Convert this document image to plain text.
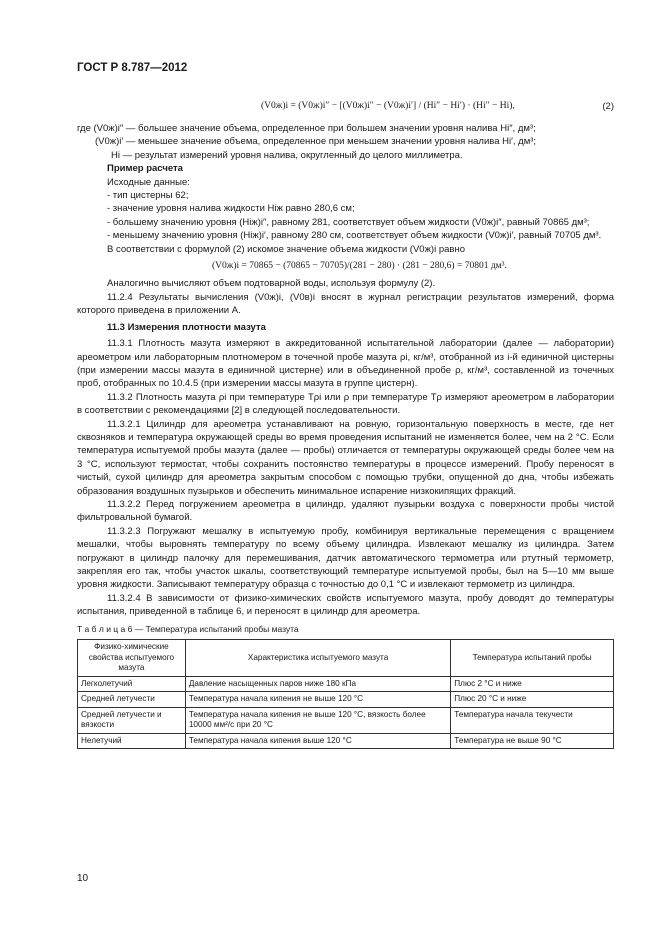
ГОСТ Р 8.787—2012
(V0ж)i = (V0ж)i″ − [(V0ж)i″ − (V0ж)i′] / (Hi″ − Hi′) · (Hi″ − Hi),	(2)

где (V0ж)i″ — большее значение объема, определенное при большем значении уровня налива Hi″, дм³;

(V0ж)i′ — меньшее значение объема, определенное при меньшем значении уровня налива Hi′, дм³;

Hi — результат измерений уровня налива, округленный до целого миллиметра.

Пример расчета

Исходные данные:

- тип цистерны 62;

- значение уровня налива жидкости Hiж равно 280,6 см;

- большему значению уровня (Hiж)i″, равному 281, соответствует объем жидкости (V0ж)i″, равный 70865 дм³;

- меньшему значению уровня (Hiж)i′, равному 280 см, соответствует объем жидкости (V0ж)i′, равный 70705 дм³.

В соответствии с формулой (2) искомое значение объема жидкости (V0ж)i равно

(V0ж)i = 70865 − (70865 − 70705)/(281 − 280) · (281 − 280,6) = 70801 дм³.

Аналогично вычисляют объем подтоварной воды, используя формулу (2).

11.2.4 Результаты вычисления (V0ж)i, (V0в)i вносят в журнал регистрации результатов измерений, форма которого приведена в приложении А.

11.3 Измерения плотности мазута

11.3.1 Плотность мазута измеряют в аккредитованной испытательной лаборатории (далее — лаборатории) ареометром или лабораторным плотномером в точечной пробе мазута ρi, кг/м³, отобранной из i-й единичной цистерны (при измерении массы мазута в единичной цистерне) или в объединенной пробе ρ, кг/м³, составленной из точечных проб, отобранных по 10.4.5 (при измерении массы мазута в группе цистерн).

11.3.2 Плотность мазута ρi при температуре Tρi или ρ при температуре Tρ измеряют ареометром в лаборатории в соответствии с рекомендациями [2] в следующей последовательности.

11.3.2.1 Цилиндр для ареометра устанавливают на ровную, горизонтальную поверхность в месте, где нет сквозняков и температура окружающей среды во время проведения испытаний не изменяется более, чем на 2 °С. Если температура испытуемой пробы мазута (далее — пробы) отличается от температуры окружающей среды более чем на 3 °С, используют термостат, чтобы сохранить постоянство температуры в процессе измерений. Пробу переносят в чистый, сухой цилиндр для ареометра закрытым способом с помощью трубки, опущенной до дна, чтобы избежать образования воздушных пузырьков и обеспечить минимальное испарение низкокипящих фракций.

11.3.2.2 Перед погружением ареометра в цилиндр, удаляют пузырьки воздуха с поверхности пробы чистой фильтровальной бумагой.

11.3.2.3 Погружают мешалку в испытуемую пробу, комбинируя вертикальные перемещения с вращением мешалки, чтобы выровнять температуру по всему объему цилиндра. Извлекают мешалку из цилиндра. Затем погружают в цилиндр палочку для перемешивания, датчик автоматического термометра или ртутный термометр, закрепляя его так, чтобы участок шкалы, соответствующий температуре испытуемой пробы, был на 5—10 мм выше уровня жидкости. Записывают температуру образца с точностью до 0,1 °С и извлекают термометр из цилиндра.

11.3.2.4 В зависимости от физико-химических свойств испытуемого мазута, пробу доводят до температуры испытания, приведенной в таблице 6, и переносят в цилиндр для ареометра.

Т а б л и ц а 6 — Температура испытаний пробы мазута

Физико-химические свойства испытуемого мазута	Характеристика испытуемого мазута	Температура испытаний пробы
Легколетучий	Давление насыщенных паров ниже 180 кПа	Плюс 2 °С и ниже
Средней летучести	Температура начала кипения не выше 120 °С	Плюс 20 °С и ниже
Средней летучести и вязкости	Температура начала кипения не выше 120 °С, вязкость более 10000 мм²/с при 20 °С	Температура начала текучести
Нелетучий	Температура начала кипения выше 120 °С	Температура не выше 90 °С
10
